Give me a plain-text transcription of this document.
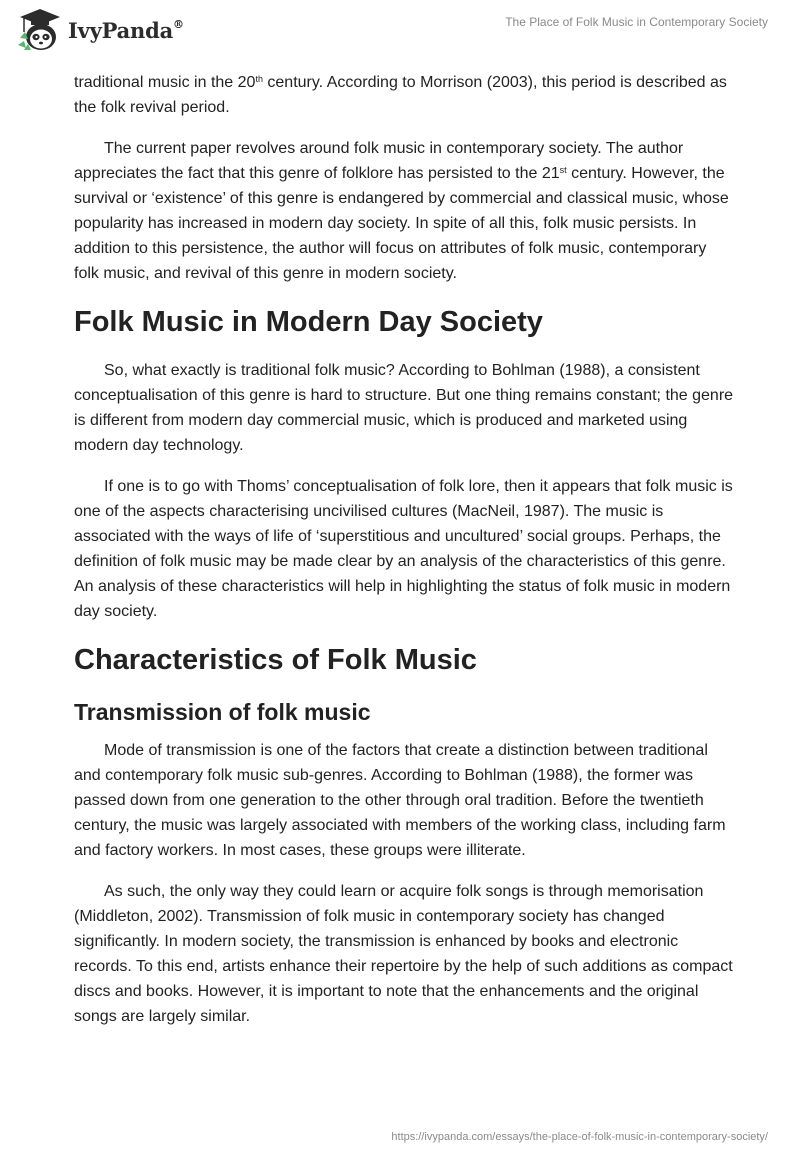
IvyPanda®	The Place of Folk Music in Contemporary Society

traditional music in the 20th century. According to Morrison (2003), this period is described as the folk revival period.

The current paper revolves around folk music in contemporary society. The author appreciates the fact that this genre of folklore has persisted to the 21st century. However, the survival or ‘existence’ of this genre is endangered by commercial and classical music, whose popularity has increased in modern day society. In spite of all this, folk music persists. In addition to this persistence, the author will focus on attributes of folk music, contemporary folk music, and revival of this genre in modern society.

Folk Music in Modern Day Society

So, what exactly is traditional folk music? According to Bohlman (1988), a consistent conceptualisation of this genre is hard to structure. But one thing remains constant; the genre is different from modern day commercial music, which is produced and marketed using modern day technology.

If one is to go with Thoms’ conceptualisation of folk lore, then it appears that folk music is one of the aspects characterising uncivilised cultures (MacNeil, 1987). The music is associated with the ways of life of ‘superstitious and uncultured’ social groups. Perhaps, the definition of folk music may be made clear by an analysis of the characteristics of this genre. An analysis of these characteristics will help in highlighting the status of folk music in modern day society.

Characteristics of Folk Music
Transmission of folk music

Mode of transmission is one of the factors that create a distinction between traditional and contemporary folk music sub-genres. According to Bohlman (1988), the former was passed down from one generation to the other through oral tradition. Before the twentieth century, the music was largely associated with members of the working class, including farm and factory workers. In most cases, these groups were illiterate.

As such, the only way they could learn or acquire folk songs is through memorisation (Middleton, 2002). Transmission of folk music in contemporary society has changed significantly. In modern society, the transmission is enhanced by books and electronic records. To this end, artists enhance their repertoire by the help of such additions as compact discs and books. However, it is important to note that the enhancements and the original songs are largely similar.

https://ivypanda.com/essays/the-place-of-folk-music-in-contemporary-society/
